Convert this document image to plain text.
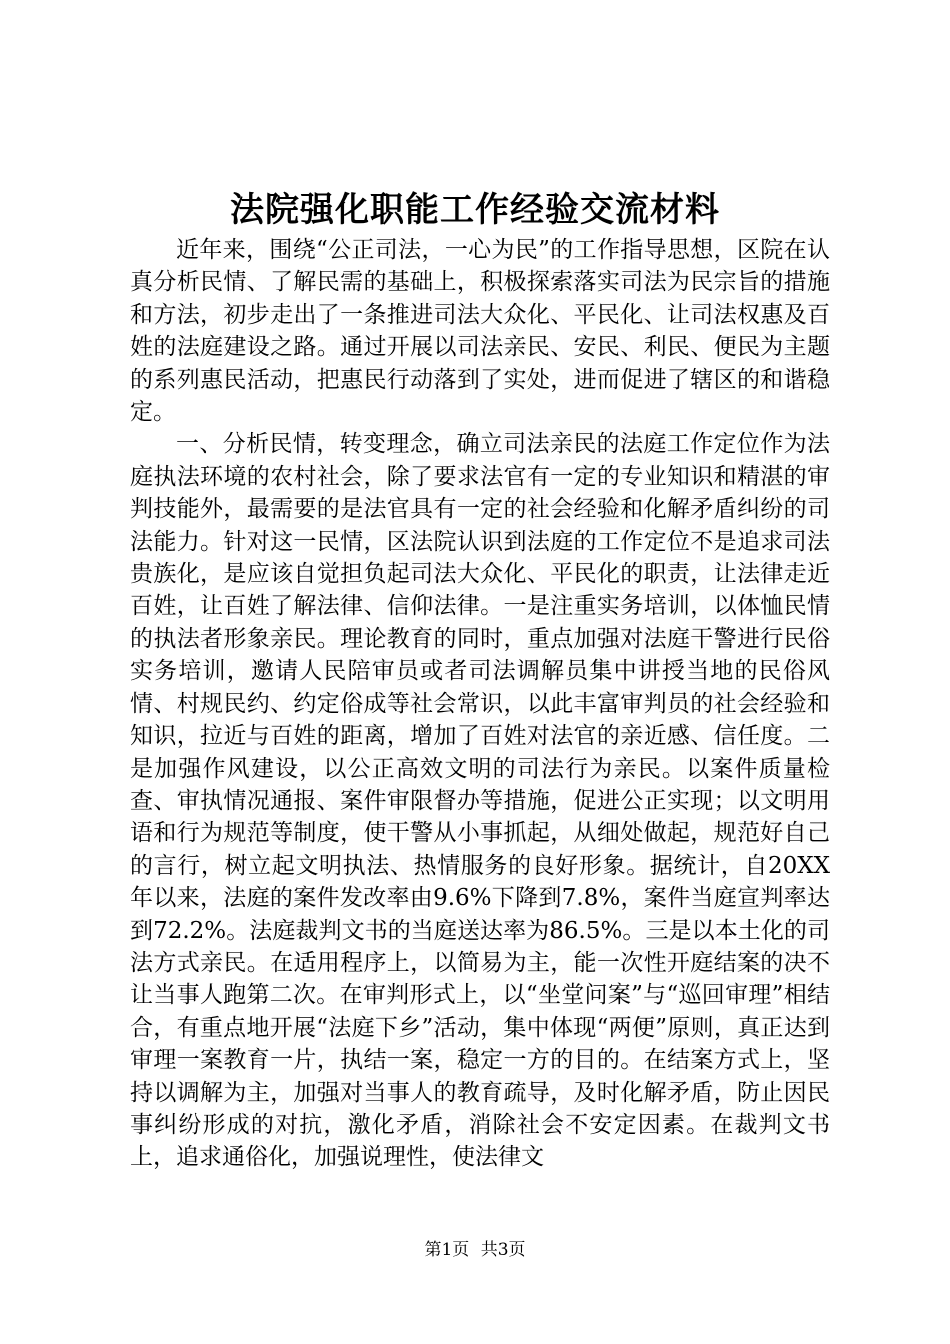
法院强化职能工作经验交流材料

近年来，围绕“公正司法，一心为民”的工作指导思想，区院在认真分析民情、了解民需的基础上，积极探索落实司法为民宗旨的措施和方法，初步走出了一条推进司法大众化、平民化、让司法权惠及百姓的法庭建设之路。通过开展以司法亲民、安民、利民、便民为主题的系列惠民活动，把惠民行动落到了实处，进而促进了辖区的和谐稳定。

一、分析民情，转变理念，确立司法亲民的法庭工作定位作为法庭执法环境的农村社会，除了要求法官有一定的专业知识和精湛的审判技能外，最需要的是法官具有一定的社会经验和化解矛盾纠纷的司法能力。针对这一民情，区法院认识到法庭的工作定位不是追求司法贵族化，是应该自觉担负起司法大众化、平民化的职责，让法律走近百姓，让百姓了解法律、信仰法律。一是注重实务培训，以体恤民情的执法者形象亲民。理论教育的同时，重点加强对法庭干警进行民俗实务培训，邀请人民陪审员或者司法调解员集中讲授当地的民俗风情、村规民约、约定俗成等社会常识，以此丰富审判员的社会经验和知识，拉近与百姓的距离，增加了百姓对法官的亲近感、信任度。二是加强作风建设，以公正高效文明的司法行为亲民。以案件质量检查、审执情况通报、案件审限督办等措施，促进公正实现；以文明用语和行为规范等制度，使干警从小事抓起，从细处做起，规范好自己的言行，树立起文明执法、热情服务的良好形象。据统计，自20XX年以来，法庭的案件发改率由9.6%下降到7.8%，案件当庭宣判率达到72.2%。法庭裁判文书的当庭送达率为86.5%。三是以本土化的司法方式亲民。在适用程序上，以简易为主，能一次性开庭结案的决不让当事人跑第二次。在审判形式上，以“坐堂问案”与“巡回审理”相结合，有重点地开展“法庭下乡”活动，集中体现“两便”原则，真正达到审理一案教育一片，执结一案，稳定一方的目的。在结案方式上，坚持以调解为主，加强对当事人的教育疏导，及时化解矛盾，防止因民事纠纷形成的对抗，激化矛盾，消除社会不安定因素。在裁判文书上，追求通俗化，加强说理性，使法律文

第1页 共3页
